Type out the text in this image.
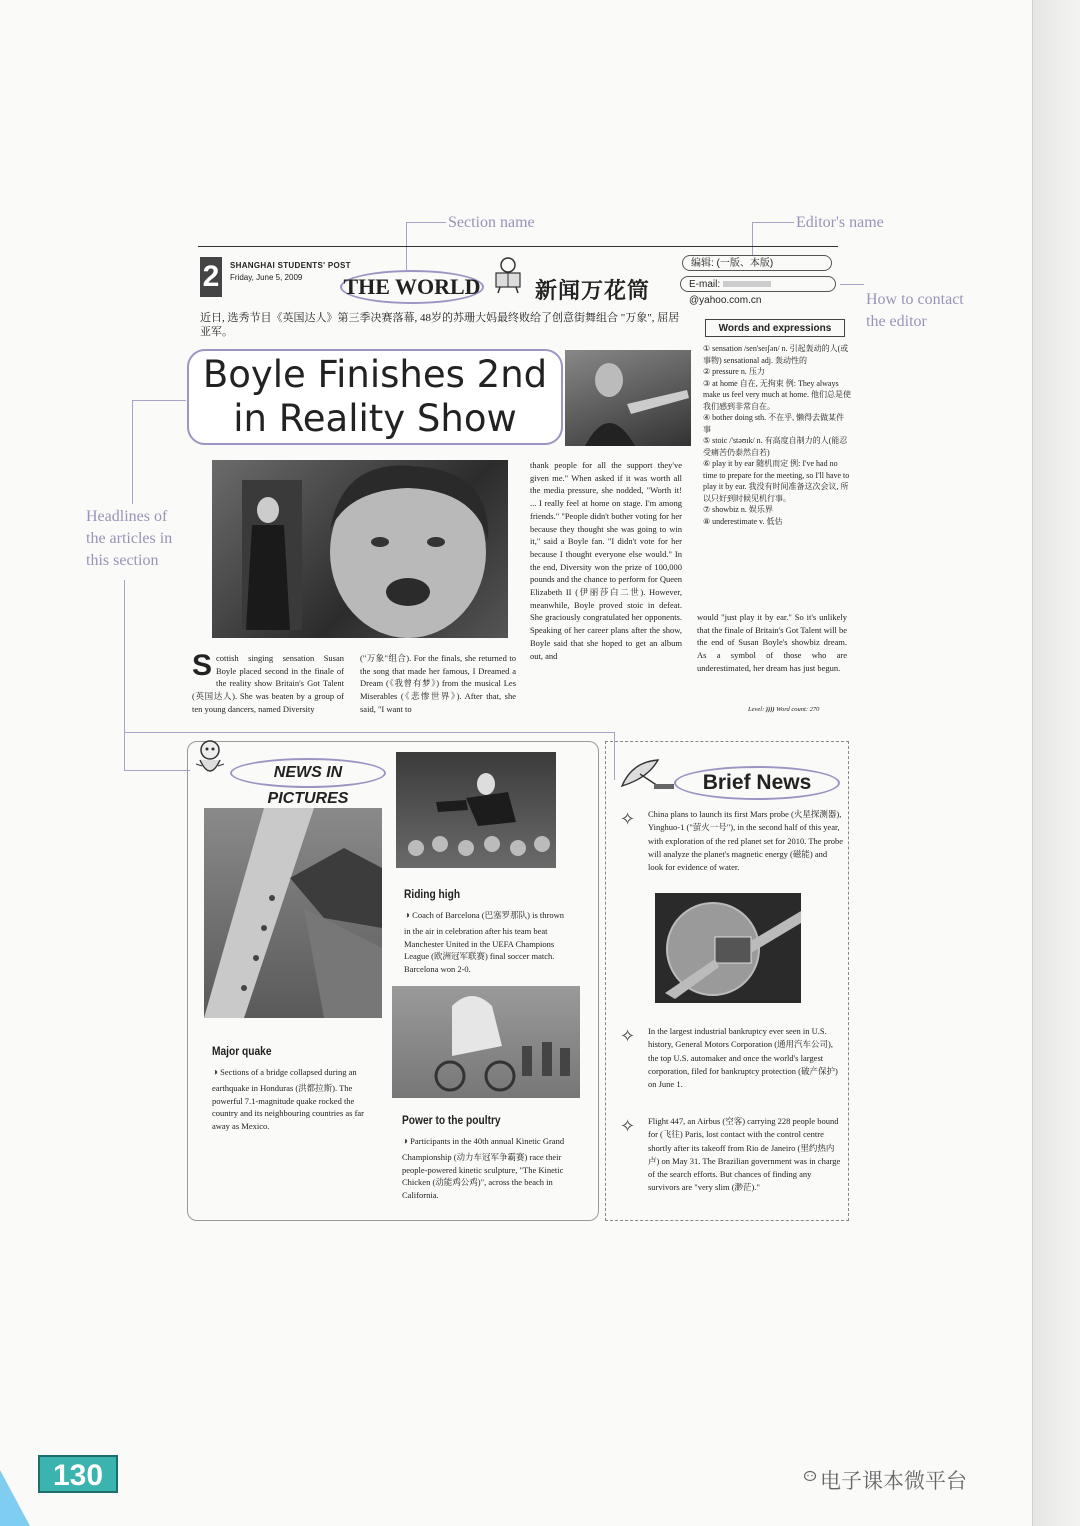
Section name	Editor's name
How to contact the editor
Headlines of the articles in this section
2	SHANGHAI STUDENTS' POST
Friday, June 5, 2009 THE WORLD 新闻万花筒
编辑: (一版、本版)
E-mail: @yahoo.com.cn
近日, 选秀节目《英国达人》第三季决赛落幕, 48岁的苏珊大妈最终败给了创意街舞组合 "万象", 屈居亚军。
Boyle Finishes 2nd
in Reality Show
Scottish singing sensation Susan Boyle placed second in the finale of the reality show Britain's Got Talent (英国达人). She was beaten by a group of ten young dancers, named Diversity
("万象"组合). For the finals, she returned to the song that made her famous, I Dreamed a Dream (《我曾有梦》) from the musical Les Miserables (《悲惨世界》). After that, she said, "I want to
thank people for all the support they've given me." When asked if it was worth all the media pressure, she nodded, "Worth it! ... I really feel at home on stage. I'm among friends." "People didn't bother voting for her because they thought she was going to win it," said a Boyle fan. "I didn't vote for her because I thought everyone else would." In the end, Diversity won the prize of 100,000 pounds and the chance to perform for Queen Elizabeth II (伊丽莎白二世). However, meanwhile, Boyle proved stoic in defeat. She graciously congratulated her opponents. Speaking of her career plans after the show, Boyle said that she hoped to get an album out, and
would "just play it by ear." So it's unlikely that the finale of Britain's Got Talent will be the end of Susan Boyle's showbiz dream. As a symbol of those who are underestimated, her dream has just begun.
Level: )))) Word count: 270
Words and expressions
① sensation /sen'seɪʃən/ n. 引起轰动的人(或事物) sensational adj. 轰动性的
② pressure n. 压力
③ at home 自在, 无拘束 例: They always make us feel very much at home. 他们总是使我们感到非常自在。
④ bother doing sth. 不在乎, 懒得去做某件事
⑤ stoic /'stəʊɪk/ n. 有高度自制力的人(能忍受痛苦仍泰然自若)
⑥ play it by ear 随机而定 例: I've had no time to prepare for the meeting, so I'll have to play it by ear. 我没有时间准备这次会议, 所以只好到时候见机行事。
⑦ showbiz n. 娱乐界
⑧ underestimate v. 低估
NEWS IN PICTURES
Riding high
◑ Coach of Barcelona (巴塞罗那队) is thrown in the air in celebration after his team beat Manchester United in the UEFA Champions League (欧洲冠军联赛) final soccer match. Barcelona won 2-0.
Major quake
◑ Sections of a bridge collapsed during an earthquake in Honduras (洪都拉斯). The powerful 7.1-magnitude quake rocked the country and its neighbouring countries as far away as Mexico.	Power to the poultry
◑ Participants in the 40th annual Kinetic Grand Championship (动力车冠军争霸赛) race their people-powered kinetic sculpture, "The Kinetic Chicken (动能鸡公鸡)", across the beach in California.
Brief News
✧ China plans to launch its first Mars probe (火星探测器), Yinghuo-1 ("萤火一号"), in the second half of this year, with exploration of the red planet set for 2010. The probe will analyze the planet's magnetic energy (磁能) and look for evidence of water.
✧ In the largest industrial bankruptcy ever seen in U.S. history, General Motors Corporation (通用汽车公司), the top U.S. automaker and once the world's largest corporation, filed for bankruptcy protection (破产保护) on June 1.
✧ Flight 447, an Airbus (空客) carrying 228 people bound for (飞往) Paris, lost contact with the control centre shortly after its takeoff from Rio de Janeiro (里约热内卢) on May 31. The Brazilian government was in charge of the search efforts. But chances of finding any survivors are "very slim (渺茫)."
130	电子课本微平台
